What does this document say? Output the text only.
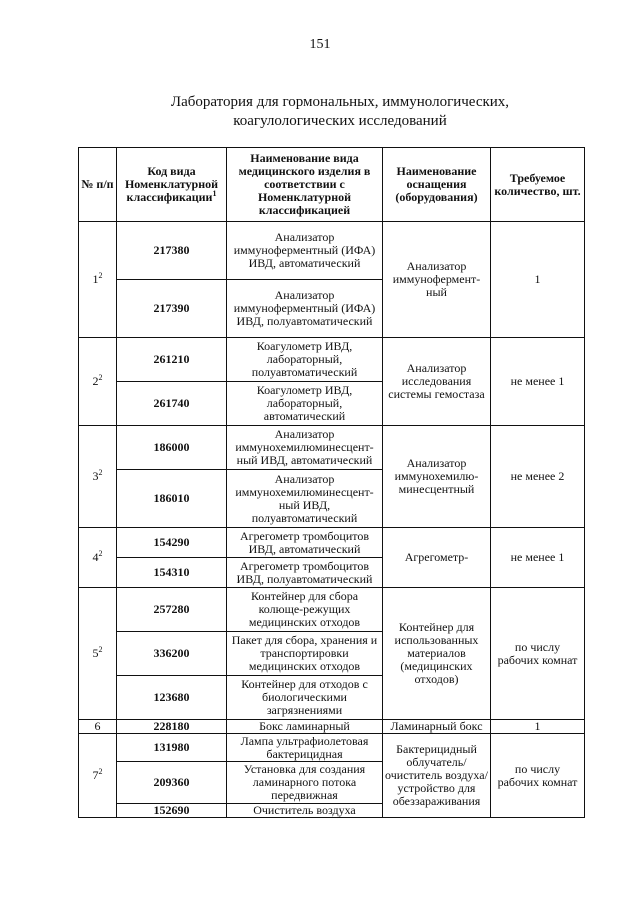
151
Лаборатория для гормональных, иммунологических,
коагулологических исследований
№ п/п	Код вида Номенклатурной классификации$^1$	Наименование вида медицинского изделия в соответствии с Номенклатурной классификацией	Наименование оснащения (оборудования)	Требуемое количество, шт.
$1^2$	217380	Анализатор иммуноферментный (ИФА) ИВД, автоматический	Анализатор иммунофермент- ный	1
	217390	Анализатор иммуноферментный (ИФА) ИВД, полуавтоматический		
$2^2$	261210	Коагулометр ИВД, лабораторный, полуавтоматический	Анализатор исследования системы гемостаза	не менее 1
	261740	Коагулометр ИВД, лабораторный, автоматический		
$3^2$	186000	Анализатор иммунохемилюминесцент- ный ИВД, автоматический	Анализатор иммунохемилю- минесцентный	не менее 2
	186010	Анализатор иммунохемилюминесцент- ный ИВД, полуавтоматический		
$4^2$	154290	Агрегометр тромбоцитов ИВД, автоматический	Агрегометр-	не менее 1
	154310	Агрегометр тромбоцитов ИВД, полуавтоматический		
$5^2$	257280	Контейнер для сбора колюще-режущих медицинских отходов	Контейнер для использованных материалов (медицинских отходов)	по числу рабочих комнат
	336200	Пакет для сбора, хранения и транспортировки медицинских отходов		
	123680	Контейнер для отходов с биологическими загрязнениями		
6	228180	Бокс ламинарный	Ламинарный бокс	1
$7^2$	131980	Лампа ультрафиолетовая бактерицидная	Бактерицидный облучатель/ очиститель воздуха/ устройство для обеззараживания	по числу рабочих комнат
	209360	Установка для создания ламинарного потока передвижная		
	152690	Очиститель воздуха		
